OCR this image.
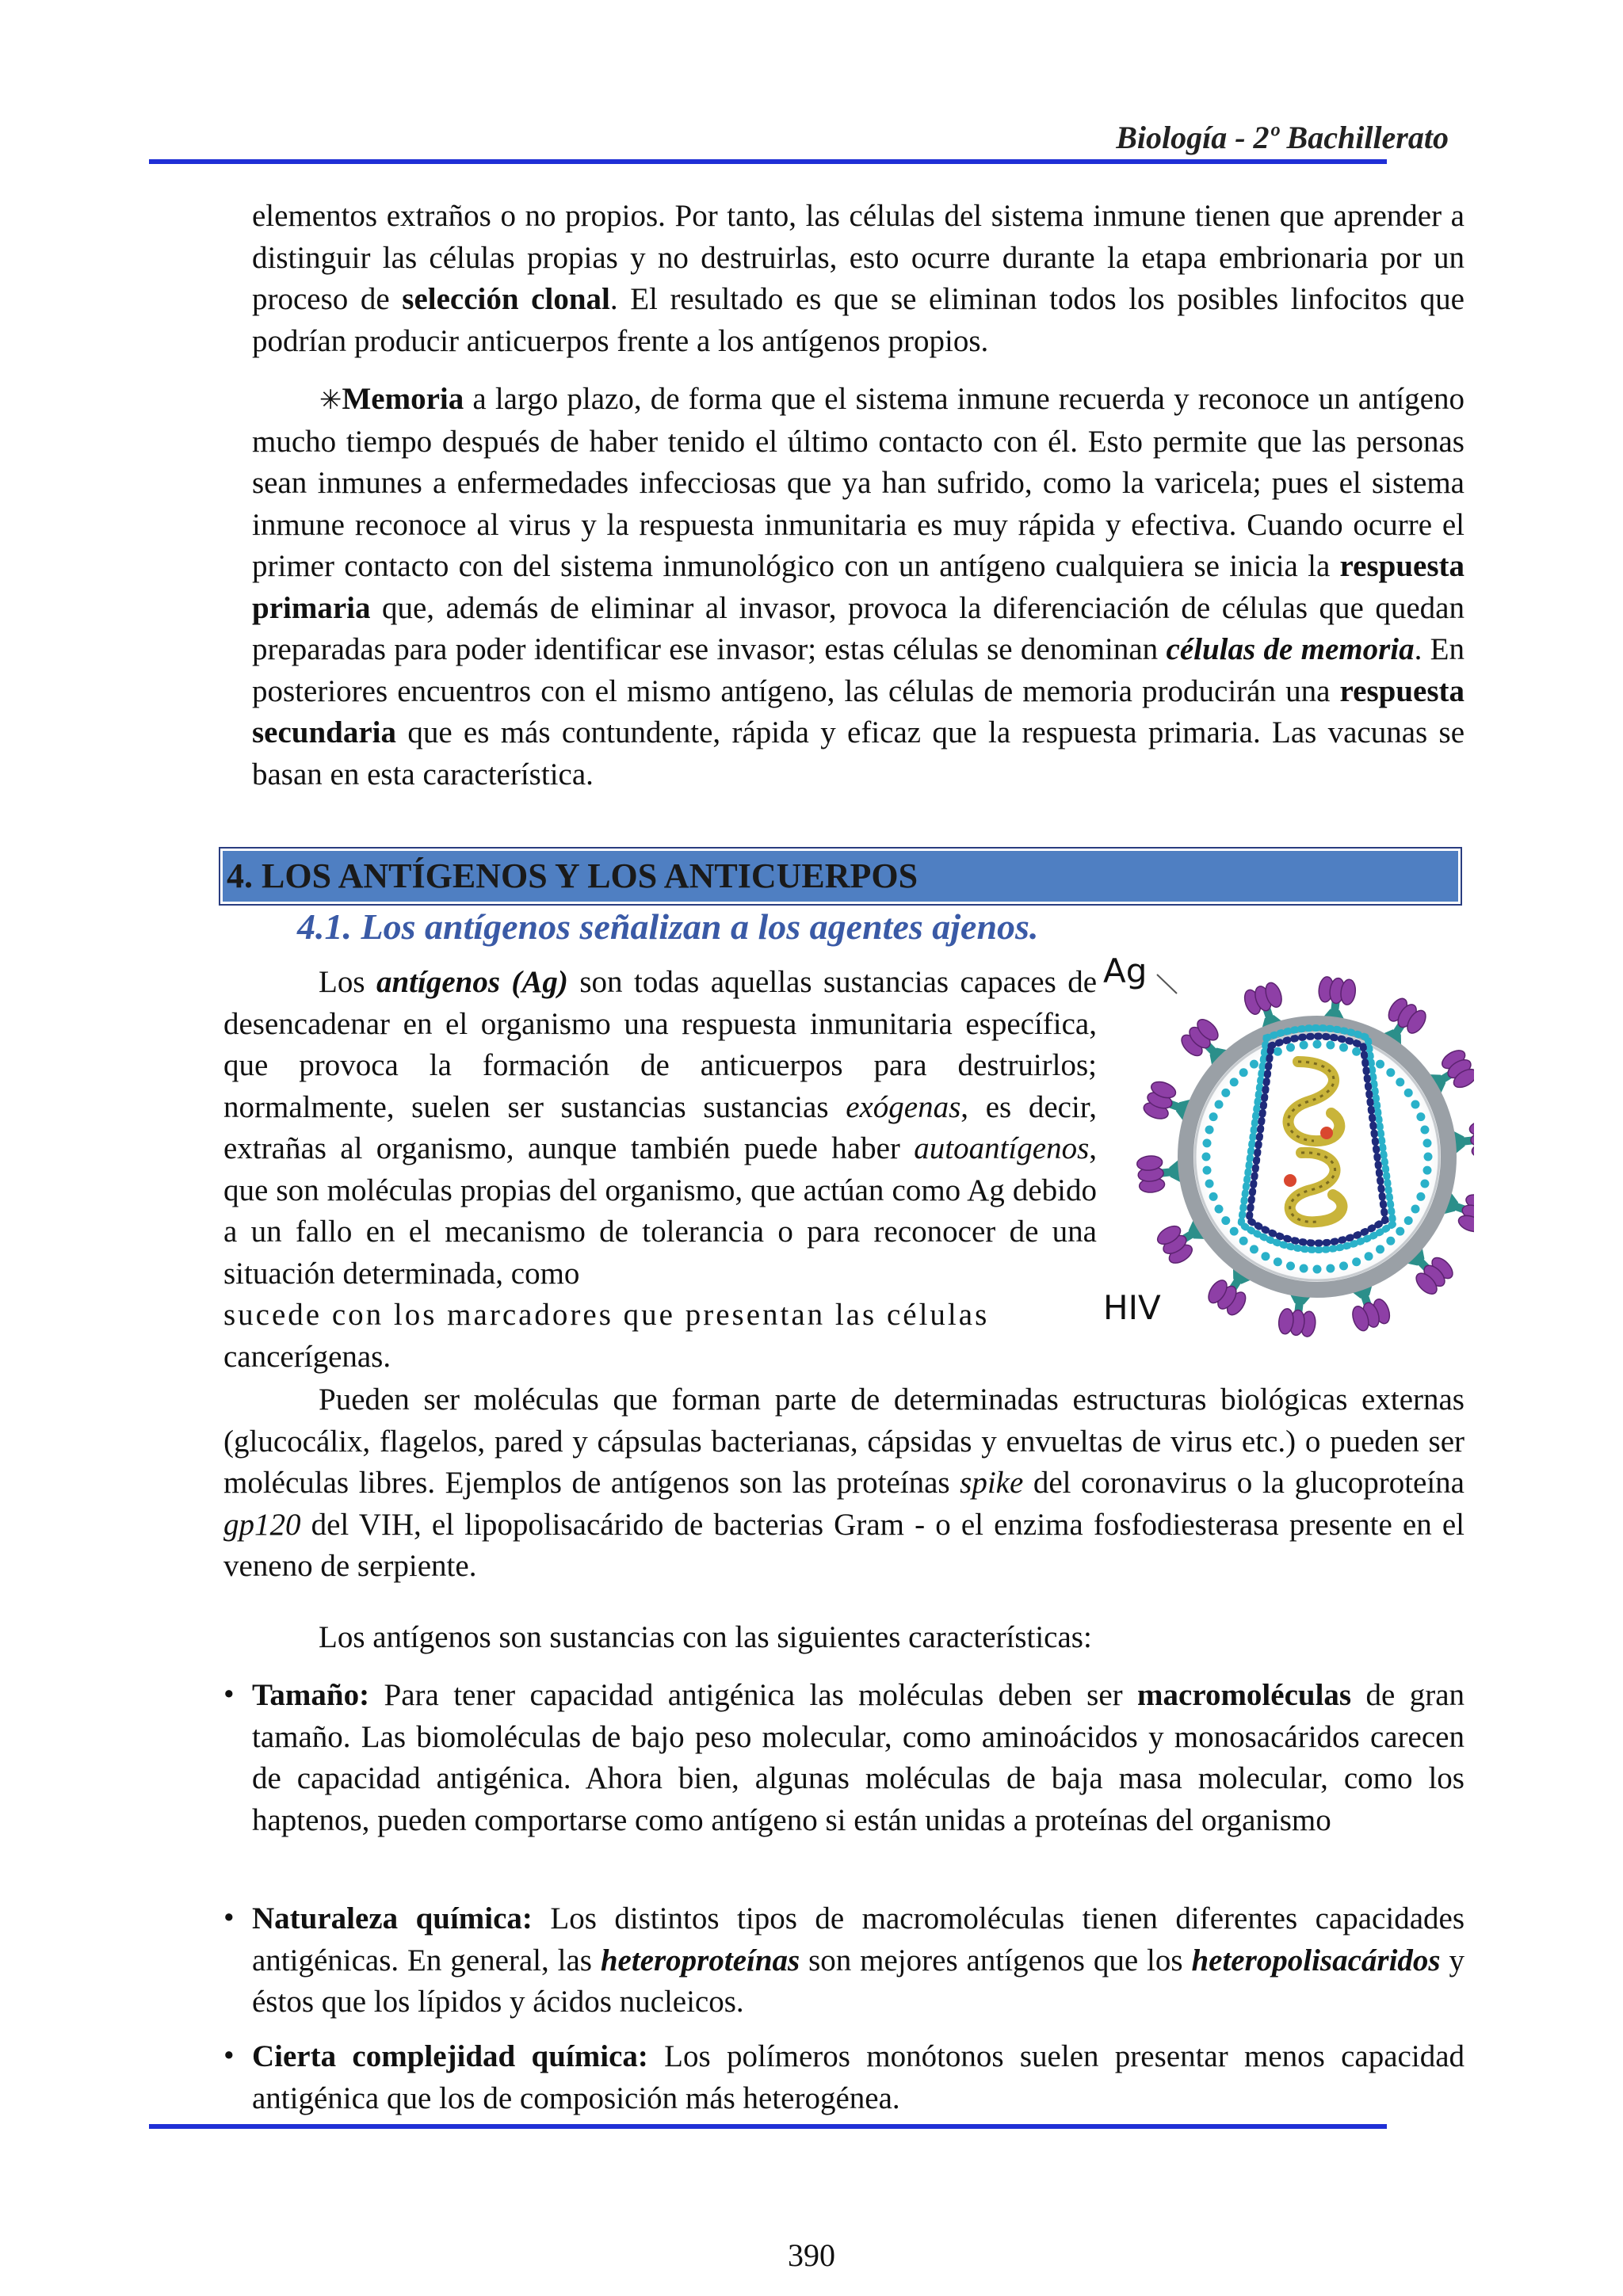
Biología - 2º Bachillerato

elementos extraños o no propios. Por tanto, las células del sistema inmune tienen que aprender a distinguir las células propias y no destruirlas, esto ocurre durante la etapa embrionaria por un proceso de selección clonal. El resultado es que se eliminan todos los posibles linfocitos que podrían producir anticuerpos frente a los antígenos propios.

✳Memoria a largo plazo, de forma que el sistema inmune recuerda y reconoce un antígeno mucho tiempo después de haber tenido el último contacto con él. Esto permite que las personas sean inmunes a enfermedades infecciosas que ya han sufrido, como la varicela; pues el sistema inmune reconoce al virus y la respuesta inmunitaria es muy rápida y efectiva. Cuando ocurre el primer contacto con del sistema inmunológico con un antígeno cualquiera se inicia la respuesta primaria que, además de eliminar al invasor, provoca la diferenciación de células que quedan preparadas para poder identificar ese invasor; estas células se denominan células de memoria. En posteriores encuentros con el mismo antígeno, las células de memoria producirán una respuesta secundaria que es más contundente, rápida y eficaz que la respuesta primaria. Las vacunas se basan en esta característica.

4. LOS ANTÍGENOS Y LOS ANTICUERPOS
4.1. Los antígenos señalizan a los agentes ajenos.

Los antígenos (Ag) son todas aquellas sustancias capaces de desencadenar en el organismo una respuesta inmunitaria específica, que provoca la formación de anticuerpos para destruirlos; normalmente, suelen ser sustancias sustancias exógenas, es decir, extrañas al organismo, aunque también puede haber autoantígenos, que son moléculas propias del organismo, que actúan como Ag debido a un fallo en el mecanismo de tolerancia o para reconocer de una situación determinada, como
sucede con los marcadores que presentan las células
cancerígenas.

Ag
HIV

Pueden ser moléculas que forman parte de determinadas estructuras biológicas externas (glucocálix, flagelos, pared y cápsulas bacterianas, cápsidas y envueltas de virus etc.) o pueden ser moléculas libres. Ejemplos de antígenos son las proteínas spike del coronavirus o la glucoproteína gp120 del VIH, el lipopolisacárido de bacterias Gram - o el enzima fosfodiesterasa presente en el veneno de serpiente.

Los antígenos son sustancias con las siguientes características:

• Tamaño: Para tener capacidad antigénica las moléculas deben ser macromoléculas de gran tamaño. Las biomoléculas de bajo peso molecular, como aminoácidos y monosacáridos carecen de capacidad antigénica. Ahora bien, algunas moléculas de baja masa molecular, como los haptenos, pueden comportarse como antígeno si están unidas a proteínas del organismo

• Naturaleza química: Los distintos tipos de macromoléculas tienen diferentes capacidades antigénicas. En general, las heteroproteínas son mejores antígenos que los heteropolisacáridos y éstos que los lípidos y ácidos nucleicos.

• Cierta complejidad química: Los polímeros monótonos suelen presentar menos capacidad antigénica que los de composición más heterogénea.

390
